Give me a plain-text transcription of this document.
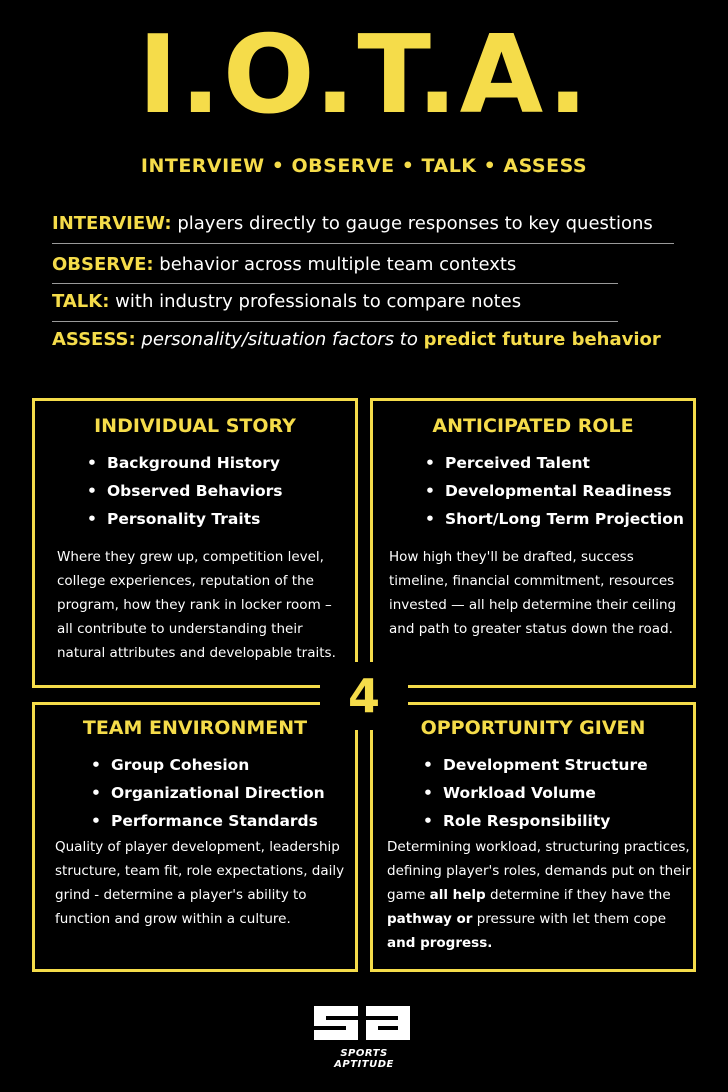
I.O.T.A.
INTERVIEW • OBSERVE • TALK • ASSESS
INTERVIEW: players directly to gauge responses to key questions
OBSERVE: behavior across multiple team contexts
TALK: with industry professionals to compare notes
ASSESS: personality/situation factors to predict future behavior
INDIVIDUAL STORY
• Background History
• Observed Behaviors
• Personality Traits
Where they grew up, competition level, college experiences, reputation of the program, how they rank in locker room – all contribute to understanding their natural attributes and developable traits.
ANTICIPATED ROLE
• Perceived Talent
• Developmental Readiness
• Short/Long Term Projection
How high they'll be drafted, success timeline, financial commitment, resources invested — all help determine their ceiling and path to greater status down the road.
TEAM ENVIRONMENT
• Group Cohesion
• Organizational Direction
• Performance Standards
Quality of player development, leadership structure, team fit, role expectations, daily grind - determine a player's ability to function and grow within a culture.
OPPORTUNITY GIVEN
• Development Structure
• Workload Volume
• Role Responsibility
Determining workload, structuring practices, defining player's roles, demands put on their game all help determine if they have the pathway or pressure with let them cope and progress.
4
SPORTS APTITUDE
